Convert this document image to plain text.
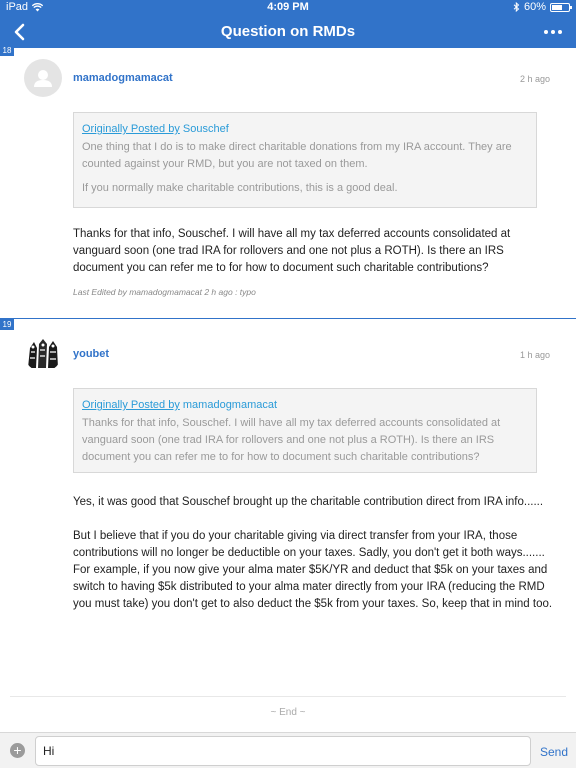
iPad	4:09 PM	60%
Question on RMDs
18
mamadogmamacat	2 h ago
Originally Posted by Souschef

One thing that I do is to make direct charitable donations from my IRA account. They are counted against your RMD, but you are not taxed on them.

If you normally make charitable contributions, this is a good deal.

Thanks for that info, Souschef. I will have all my tax deferred accounts consolidated at vanguard soon (one trad IRA for rollovers and one not plus a ROTH). Is there an IRS document you can refer me to for how to document such charitable contributions?

Last Edited by mamadogmamacat 2 h ago : typo
19
youbet	1 h ago
Originally Posted by mamadogmamacat

Thanks for that info, Souschef. I will have all my tax deferred accounts consolidated at vanguard soon (one trad IRA for rollovers and one not plus a ROTH). Is there an IRS document you can refer me to for how to document such charitable contributions?

Yes, it was good that Souschef brought up the charitable contribution direct from IRA info......

But I believe that if you do your charitable giving via direct transfer from your IRA, those contributions will no longer be deductible on your taxes. Sadly, you don't get it both ways....... For example, if you now give your alma mater $5K/YR and deduct that $5k on your taxes and switch to having $5k distributed to your alma mater directly from your IRA (reducing the RMD you must take) you don't get to also deduct the $5k from your taxes. So, keep that in mind too.

~ End ~
+	Hi	Send
